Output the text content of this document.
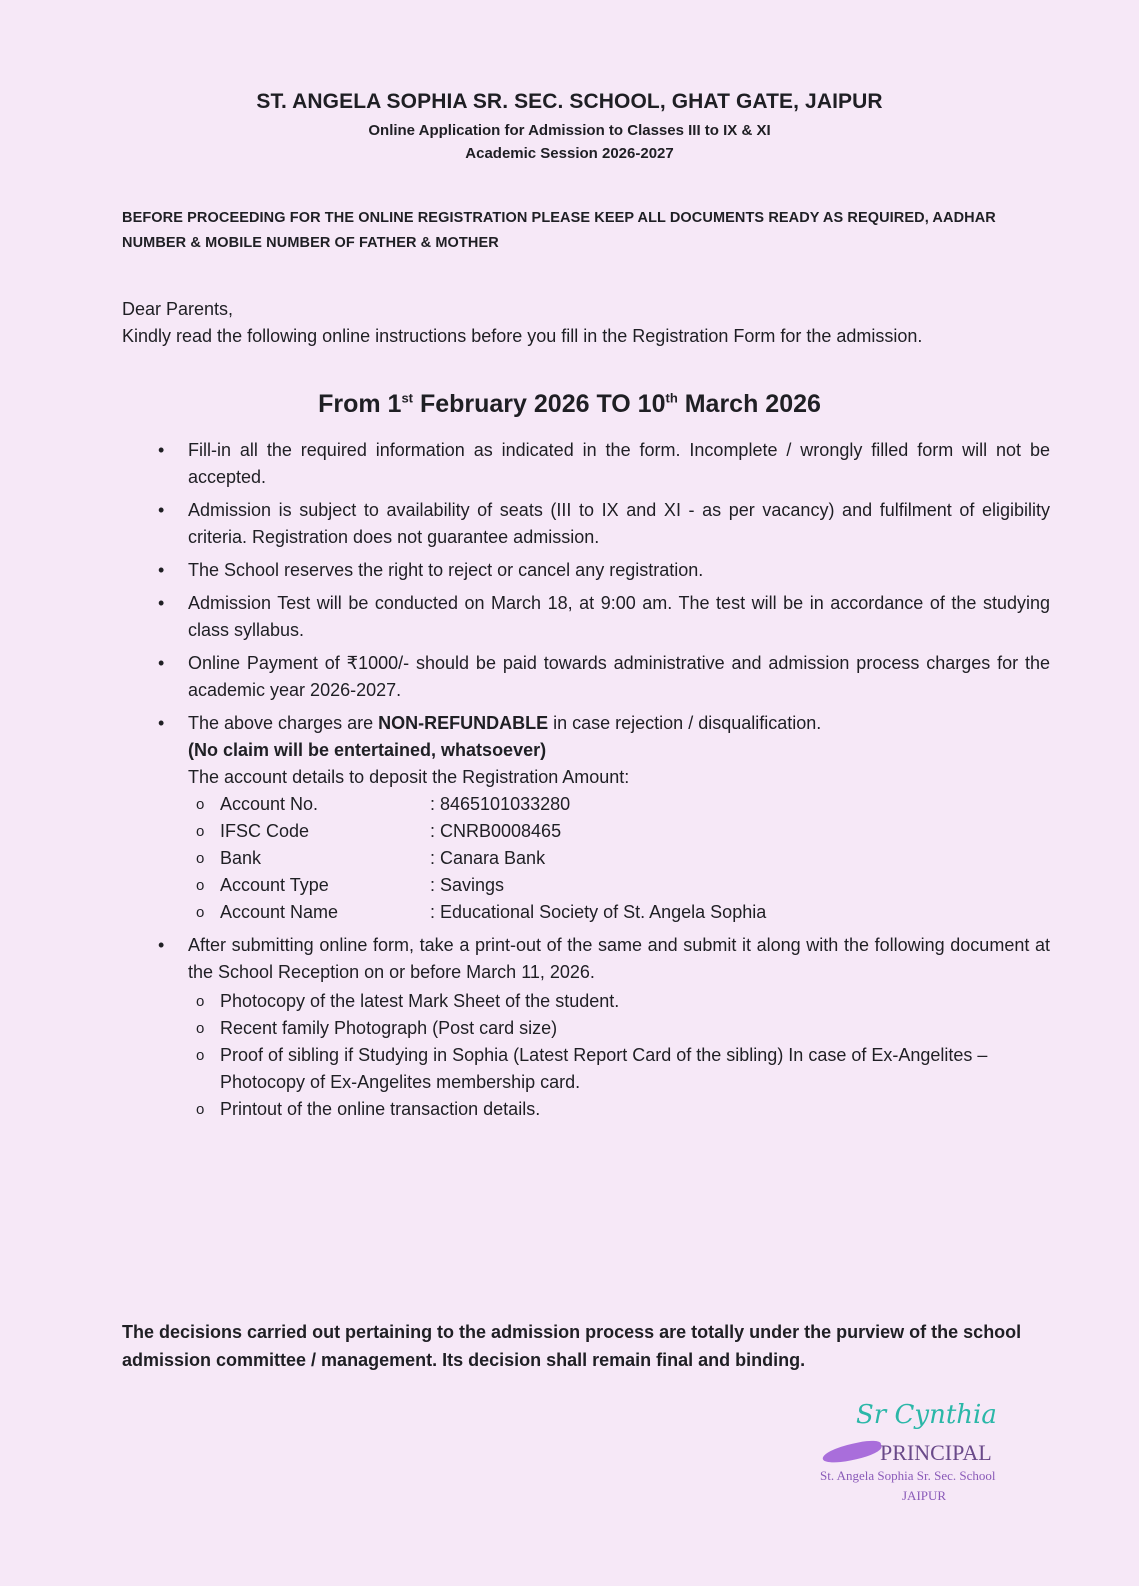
ST. ANGELA SOPHIA SR. SEC. SCHOOL, GHAT GATE, JAIPUR
Online Application for Admission to Classes III to IX & XI
Academic Session 2026-2027
BEFORE PROCEEDING FOR THE ONLINE REGISTRATION PLEASE KEEP ALL DOCUMENTS READY AS REQUIRED, AADHAR NUMBER & MOBILE NUMBER OF FATHER & MOTHER
Dear Parents,
Kindly read the following online instructions before you fill in the Registration Form for the admission.
From 1st February 2026 TO 10th March 2026
• Fill-in all the required information as indicated in the form. Incomplete / wrongly filled form will not be accepted.
• Admission is subject to availability of seats (III to IX and XI - as per vacancy) and fulfilment of eligibility criteria. Registration does not guarantee admission.
• The School reserves the right to reject or cancel any registration.
• Admission Test will be conducted on March 18, at 9:00 am. The test will be in accordance of the studying class syllabus.
• Online Payment of ₹1000/- should be paid towards administrative and admission process charges for the academic year 2026-2027.
• The above charges are NON-REFUNDABLE in case rejection / disqualification.
(No claim will be entertained, whatsoever)
The account details to deposit the Registration Amount:
o Account No.	: 8465101033280
o IFSC Code	: CNRB0008465
o Bank	: Canara Bank
o Account Type	: Savings
o Account Name	: Educational Society of St. Angela Sophia
• After submitting online form, take a print-out of the same and submit it along with the following document at the School Reception on or before March 11, 2026.
o Photocopy of the latest Mark Sheet of the student.
o Recent family Photograph (Post card size)
o Proof of sibling if Studying in Sophia (Latest Report Card of the sibling) In case of Ex-Angelites – Photocopy of Ex-Angelites membership card.
o Printout of the online transaction details.
The decisions carried out pertaining to the admission process are totally under the purview of the school admission committee / management. Its decision shall remain final and binding.
Sr Cynthia
PRINCIPAL
St. Angela Sophia Sr. Sec. School
JAIPUR
